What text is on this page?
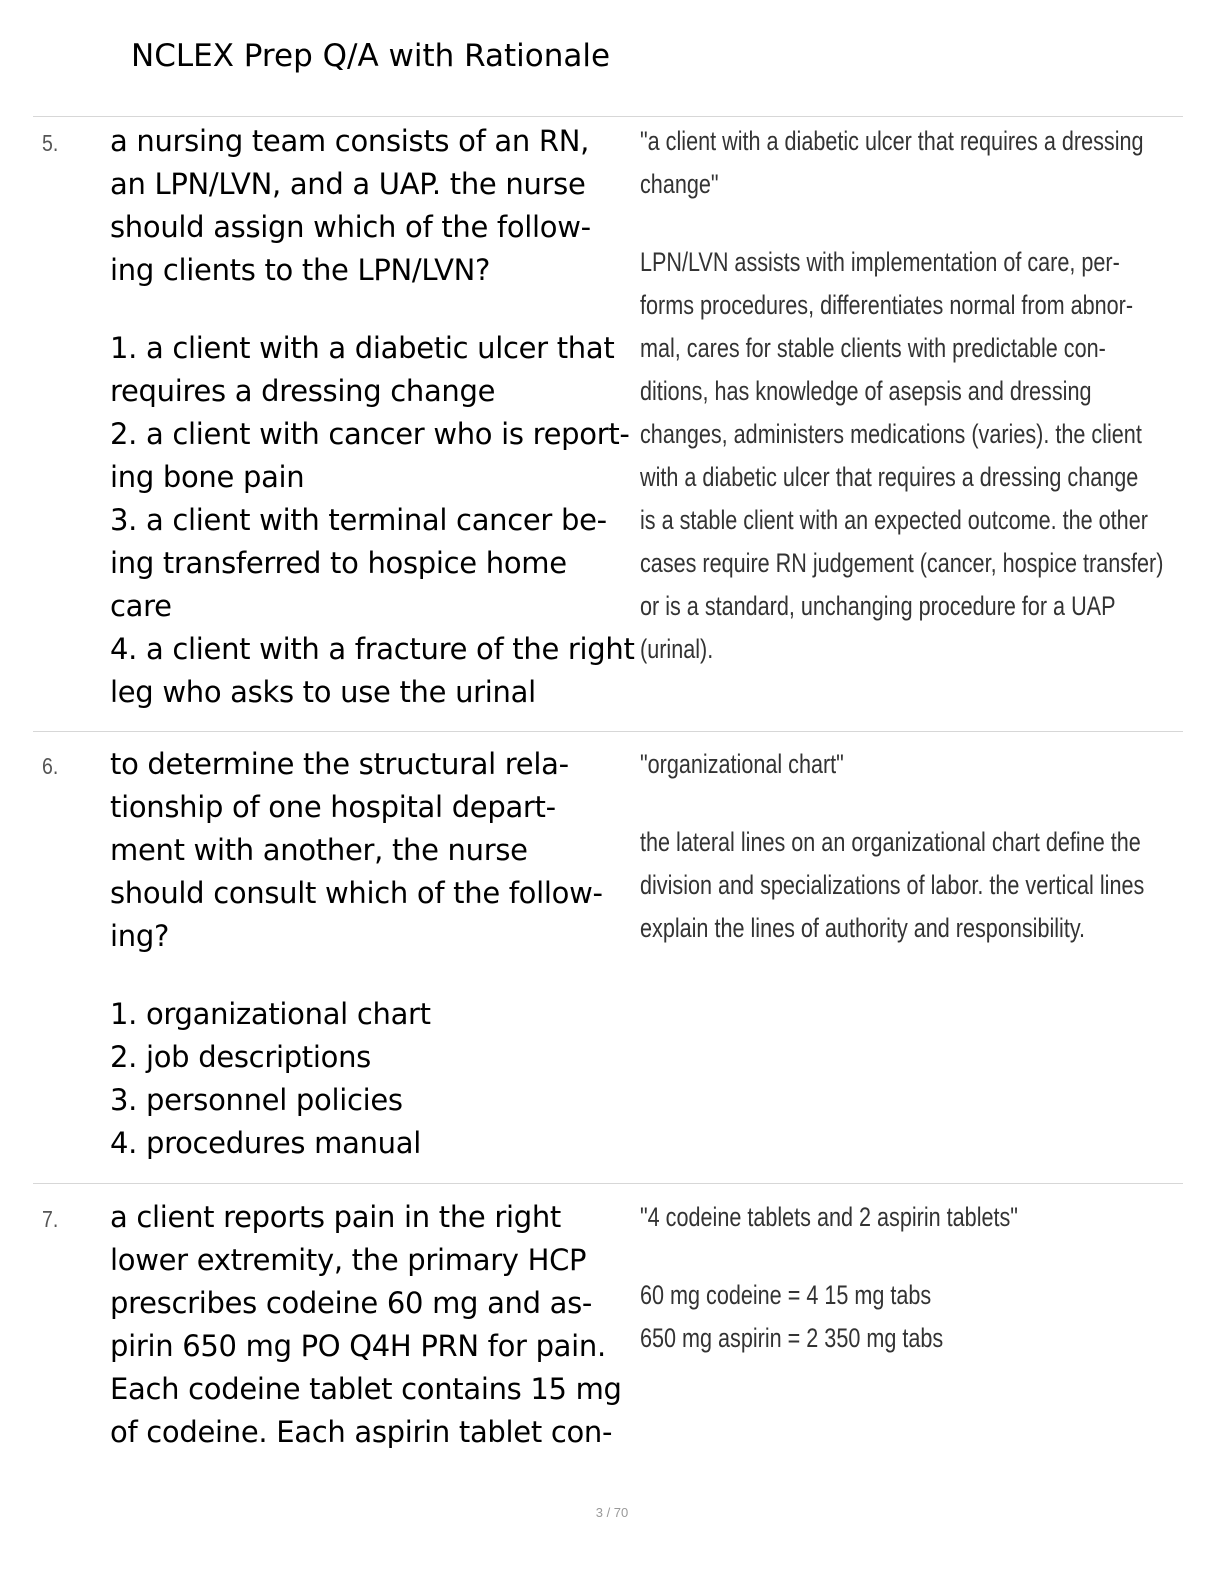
NCLEX Prep Q/A with Rationale
5. a nursing team consists of an RN,
an LPN/LVN, and a UAP. the nurse
should assign which of the follow-
ing clients to the LPN/LVN?
1. a client with a diabetic ulcer that
requires a dressing change
2. a client with cancer who is report-
ing bone pain
3. a client with terminal cancer be-
ing transferred to hospice home
care
4. a client with a fracture of the right
leg who asks to use the urinal
"a client with a diabetic ulcer that requires a dressing
change"
LPN/LVN assists with implementation of care, per-
forms procedures, differentiates normal from abnor-
mal, cares for stable clients with predictable con-
ditions, has knowledge of asepsis and dressing
changes, administers medications (varies). the client
with a diabetic ulcer that requires a dressing change
is a stable client with an expected outcome. the other
cases require RN judgement (cancer, hospice transfer)
or is a standard, unchanging procedure for a UAP
(urinal).
6. to determine the structural rela-
tionship of one hospital depart-
ment with another, the nurse
should consult which of the follow-
ing?
1. organizational chart
2. job descriptions
3. personnel policies
4. procedures manual
"organizational chart"
the lateral lines on an organizational chart define the
division and specializations of labor. the vertical lines
explain the lines of authority and responsibility.
7. a client reports pain in the right
lower extremity, the primary HCP
prescribes codeine 60 mg and as-
pirin 650 mg PO Q4H PRN for pain.
Each codeine tablet contains 15 mg
of codeine. Each aspirin tablet con-
"4 codeine tablets and 2 aspirin tablets"
60 mg codeine = 4 15 mg tabs
650 mg aspirin = 2 350 mg tabs
3 / 70
